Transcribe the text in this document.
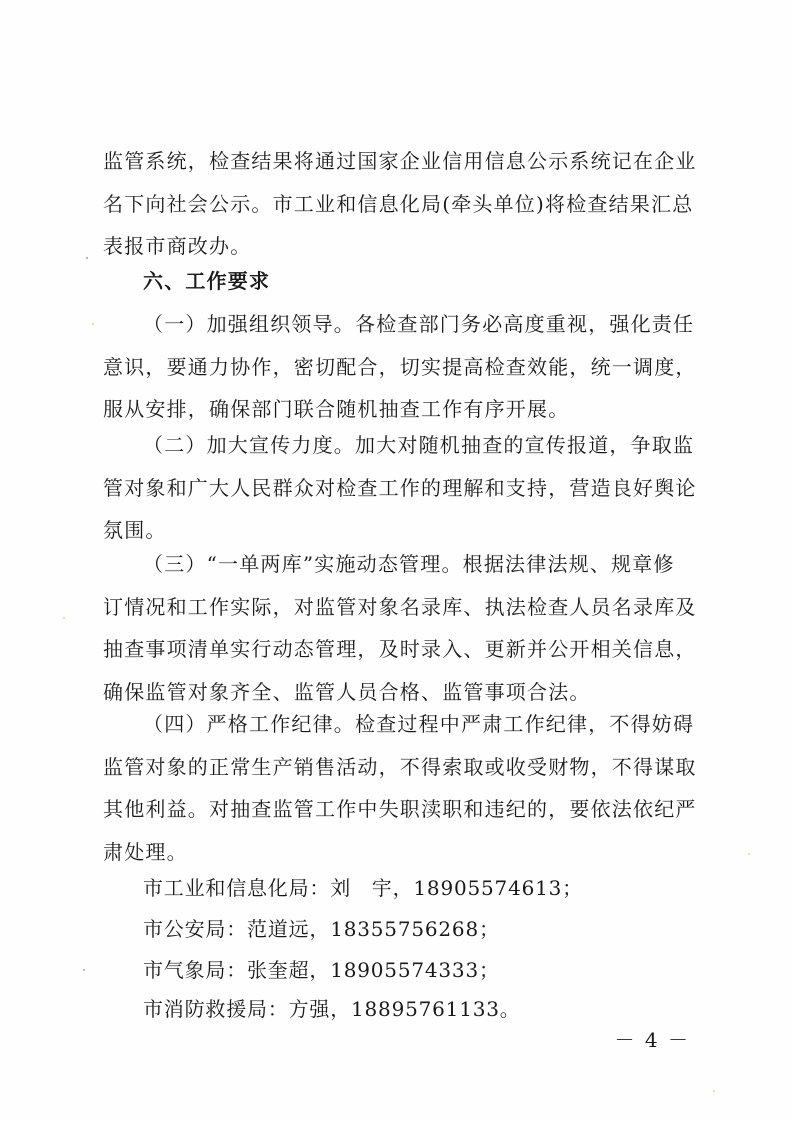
监管系统，检查结果将通过国家企业信用信息公示系统记在企业
名下向社会公示。市工业和信息化局(牵头单位)将检查结果汇总
表报市商改办。
六、工作要求
（一）加强组织领导。各检查部门务必高度重视，强化责任
意识，要通力协作，密切配合，切实提高检查效能，统一调度，
服从安排，确保部门联合随机抽查工作有序开展。
（二）加大宣传力度。加大对随机抽查的宣传报道，争取监
管对象和广大人民群众对检查工作的理解和支持，营造良好舆论
氛围。
（三）“一单两库”实施动态管理。根据法律法规、规章修
订情况和工作实际，对监管对象名录库、执法检查人员名录库及
抽查事项清单实行动态管理，及时录入、更新并公开相关信息，
确保监管对象齐全、监管人员合格、监管事项合法。
（四）严格工作纪律。检查过程中严肃工作纪律，不得妨碍
监管对象的正常生产销售活动，不得索取或收受财物，不得谋取
其他利益。对抽查监管工作中失职渎职和违纪的，要依法依纪严
肃处理。
市工业和信息化局：刘　宇，18905574613；
市公安局：范道远，18355756268；
市气象局：张奎超，18905574333；
市消防救援局：方强，18895761133。
－ 4 －
